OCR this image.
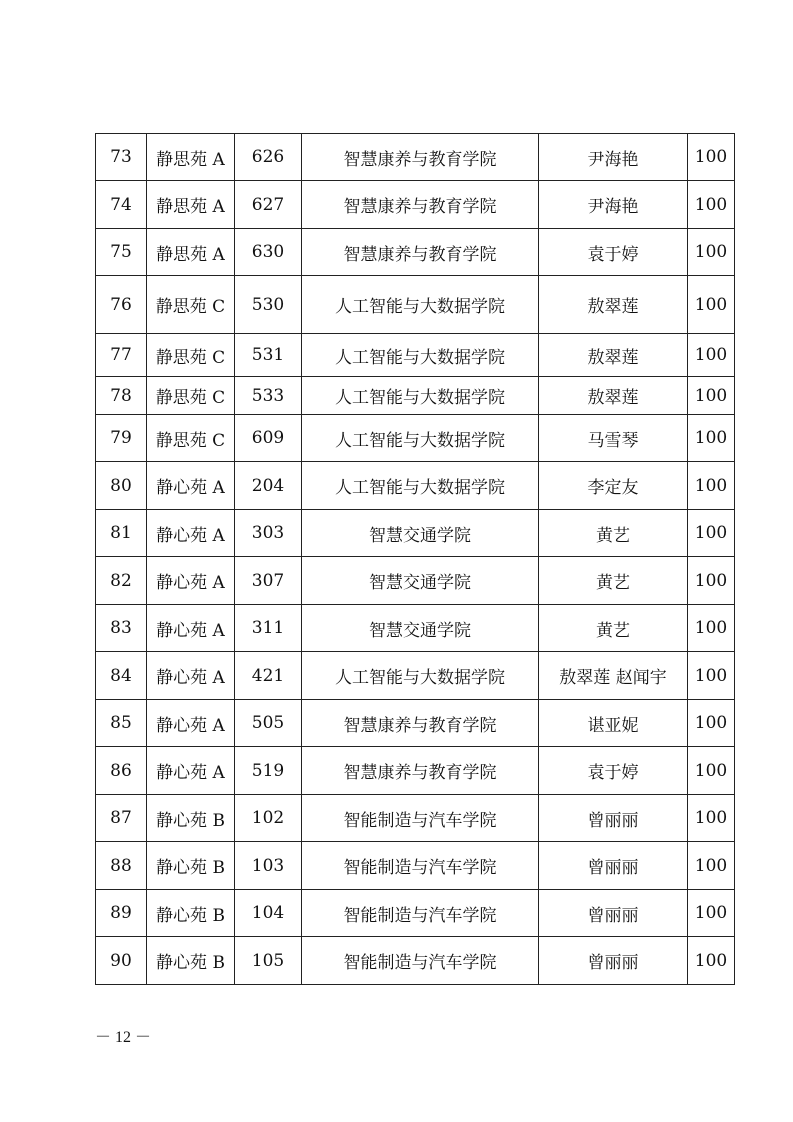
73	静思苑 A	626	智慧康养与教育学院	尹海艳	100
74	静思苑 A	627	智慧康养与教育学院	尹海艳	100
75	静思苑 A	630	智慧康养与教育学院	袁于婷	100
76	静思苑 C	530	人工智能与大数据学院	敖翠莲	100
77	静思苑 C	531	人工智能与大数据学院	敖翠莲	100
78	静思苑 C	533	人工智能与大数据学院	敖翠莲	100
79	静思苑 C	609	人工智能与大数据学院	马雪琴	100
80	静心苑 A	204	人工智能与大数据学院	李定友	100
81	静心苑 A	303	智慧交通学院	黄艺	100
82	静心苑 A	307	智慧交通学院	黄艺	100
83	静心苑 A	311	智慧交通学院	黄艺	100
84	静心苑 A	421	人工智能与大数据学院	敖翠莲 赵闻宇	100
85	静心苑 A	505	智慧康养与教育学院	谌亚妮	100
86	静心苑 A	519	智慧康养与教育学院	袁于婷	100
87	静心苑 B	102	智能制造与汽车学院	曾丽丽	100
88	静心苑 B	103	智能制造与汽车学院	曾丽丽	100
89	静心苑 B	104	智能制造与汽车学院	曾丽丽	100
90	静心苑 B	105	智能制造与汽车学院	曾丽丽	100
－ 12 －
